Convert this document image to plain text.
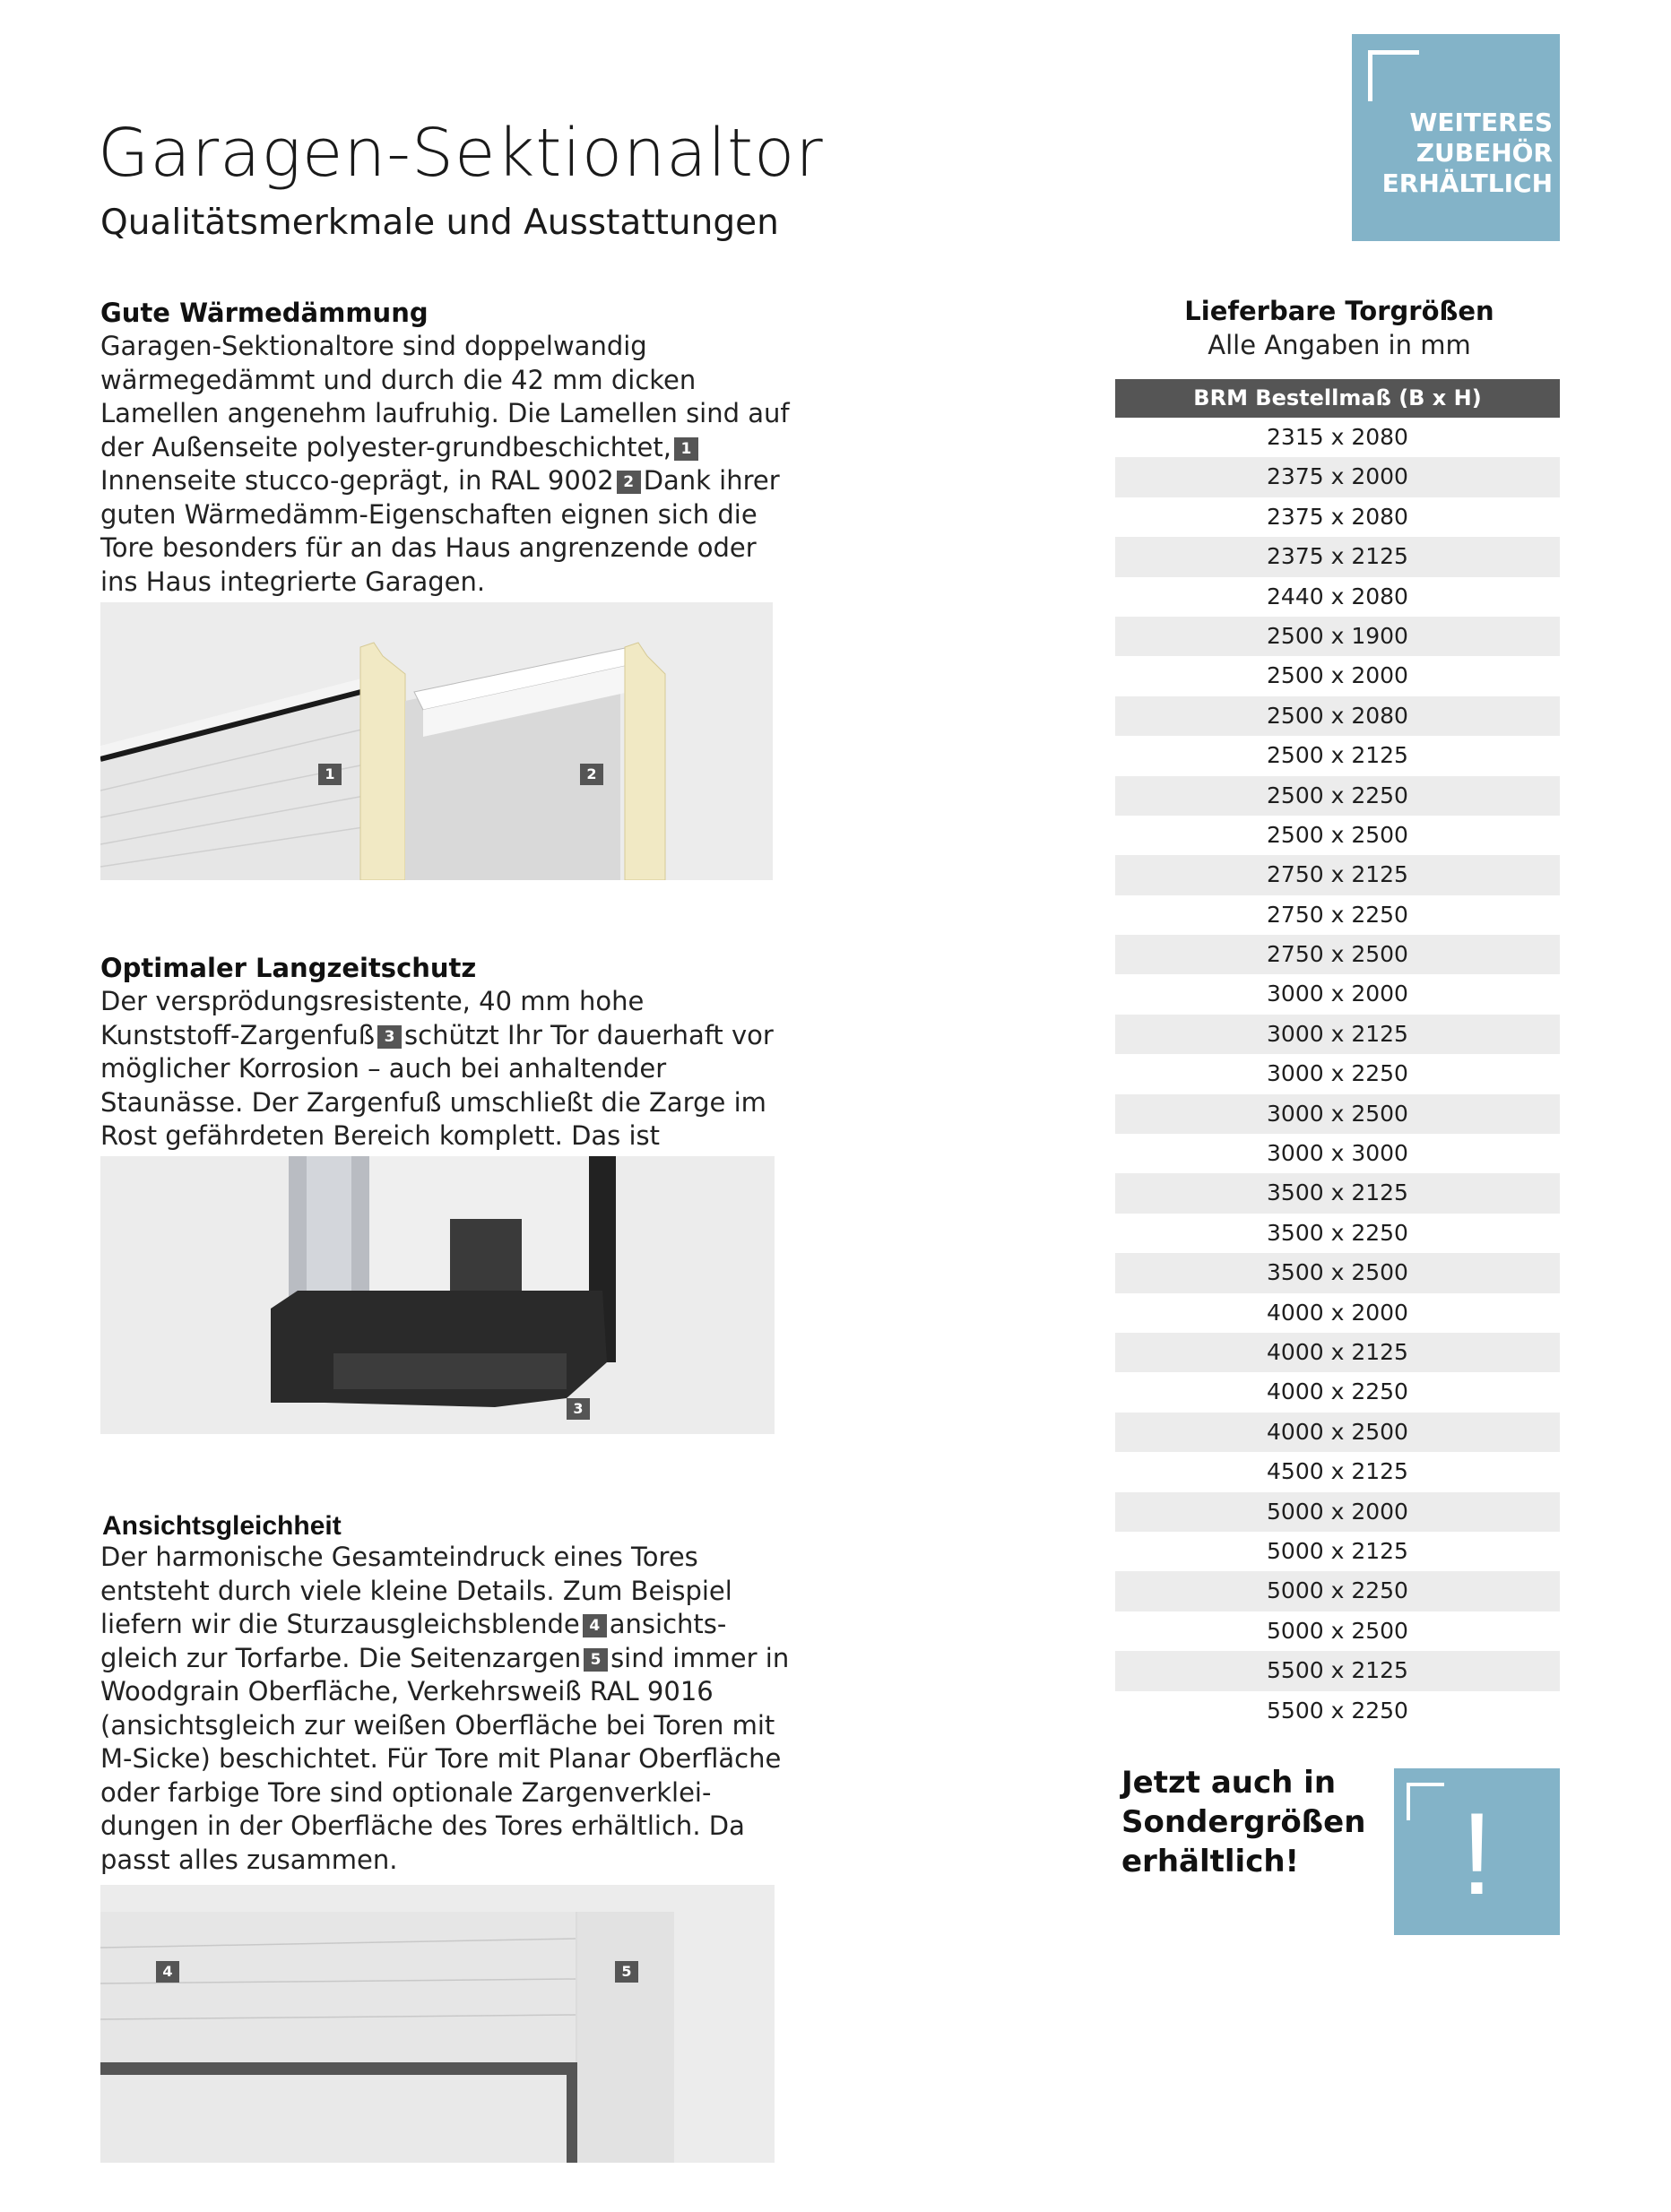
Garagen-Sektionaltor
Qualitätsmerkmale und Ausstattungen
WEITERES
ZUBEHÖR
ERHÄLTLICH
Gute Wärmedämmung
Garagen-Sektionaltore sind doppelwandig wärmegedämmt und durch die 42 mm dicken Lamellen angenehm laufruhig. Die Lamellen sind auf der Außenseite polyester-grundbeschichtet, 1 Innenseite stucco-geprägt, in RAL 9002 2 Dank ihrer guten Wärmedämm-Eigenschaften eignen sich die Tore besonders für an das Haus angrenzende oder ins Haus integrierte Garagen.
1	2
Optimaler Langzeitschutz
Der versprödungsresistente, 40 mm hohe Kunststoff-Zargenfuß 3 schützt Ihr Tor dauerhaft vor möglicher Korrosion – auch bei anhaltender Staunässe. Der Zargenfuß umschließt die Zarge im Rost gefährdeten Bereich komplett. Das ist
3
Ansichtsgleichheit
Der harmonische Gesamteindruck eines Tores entsteht durch viele kleine Details. Zum Beispiel liefern wir die Sturzausgleichsblende 4 ansichts-gleich zur Torfarbe. Die Seitenzargen 5 sind immer in Woodgrain Oberfläche, Verkehrsweiß RAL 9016 (ansichtsgleich zur weißen Oberfläche bei Toren mit M-Sicke) beschichtet. Für Tore mit Planar Oberfläche oder farbige Tore sind optionale Zargenverklei-dungen in der Oberfläche des Tores erhältlich. Da passt alles zusammen.
4	5
Lieferbare Torgrößen
Alle Angaben in mm
BRM Bestellmaß (B x H)
2315 x 2080
2375 x 2000
2375 x 2080
2375 x 2125
2440 x 2080
2500 x 1900
2500 x 2000
2500 x 2080
2500 x 2125
2500 x 2250
2500 x 2500
2750 x 2125
2750 x 2250
2750 x 2500
3000 x 2000
3000 x 2125
3000 x 2250
3000 x 2500
3000 x 3000
3500 x 2125
3500 x 2250
3500 x 2500
4000 x 2000
4000 x 2125
4000 x 2250
4000 x 2500
4500 x 2125
5000 x 2000
5000 x 2125
5000 x 2250
5000 x 2500
5500 x 2125
5500 x 2250
Jetzt auch in
Sondergrößen
erhältlich!	!
